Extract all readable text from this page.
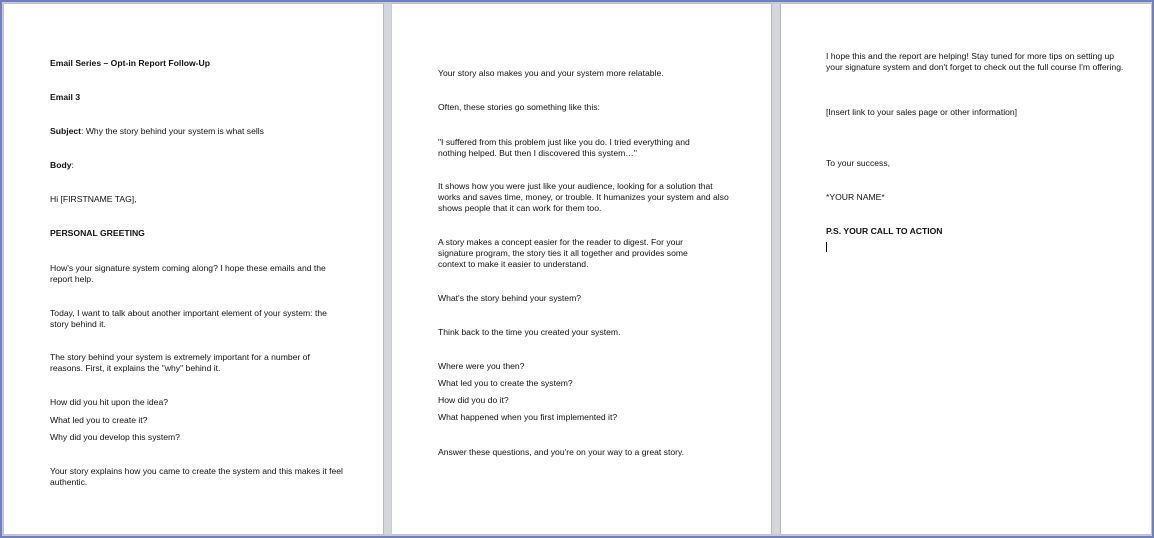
Email Series – Opt-in Report Follow-Up

Email 3

Subject: Why the story behind your system is what sells

Body:

Hi [FIRSTNAME TAG],

PERSONAL GREETING

How's your signature system coming along? I hope these emails and the report help.

Today, I want to talk about another important element of your system: the story behind it.

The story behind your system is extremely important for a number of reasons. First, it explains the "why" behind it.

How did you hit upon the idea?

What led you to create it?

Why did you develop this system?

Your story explains how you came to create the system and this makes it feel authentic.

Your story also makes you and your system more relatable.

Often, these stories go something like this:

"I suffered from this problem just like you do. I tried everything and nothing helped. But then I discovered this system…"

It shows how you were just like your audience, looking for a solution that works and saves time, money, or trouble. It humanizes your system and also shows people that it can work for them too.

A story makes a concept easier for the reader to digest. For your signature program, the story ties it all together and provides some context to make it easier to understand.

What's the story behind your system?

Think back to the time you created your system.

Where were you then?

What led you to create the system?

How did you do it?

What happened when you first implemented it?

Answer these questions, and you're on your way to a great story.

I hope this and the report are helping! Stay tuned for more tips on setting up your signature system and don't forget to check out the full course I'm offering.

[Insert link to your sales page or other information]

To your success,

*YOUR NAME*

P.S. YOUR CALL TO ACTION
